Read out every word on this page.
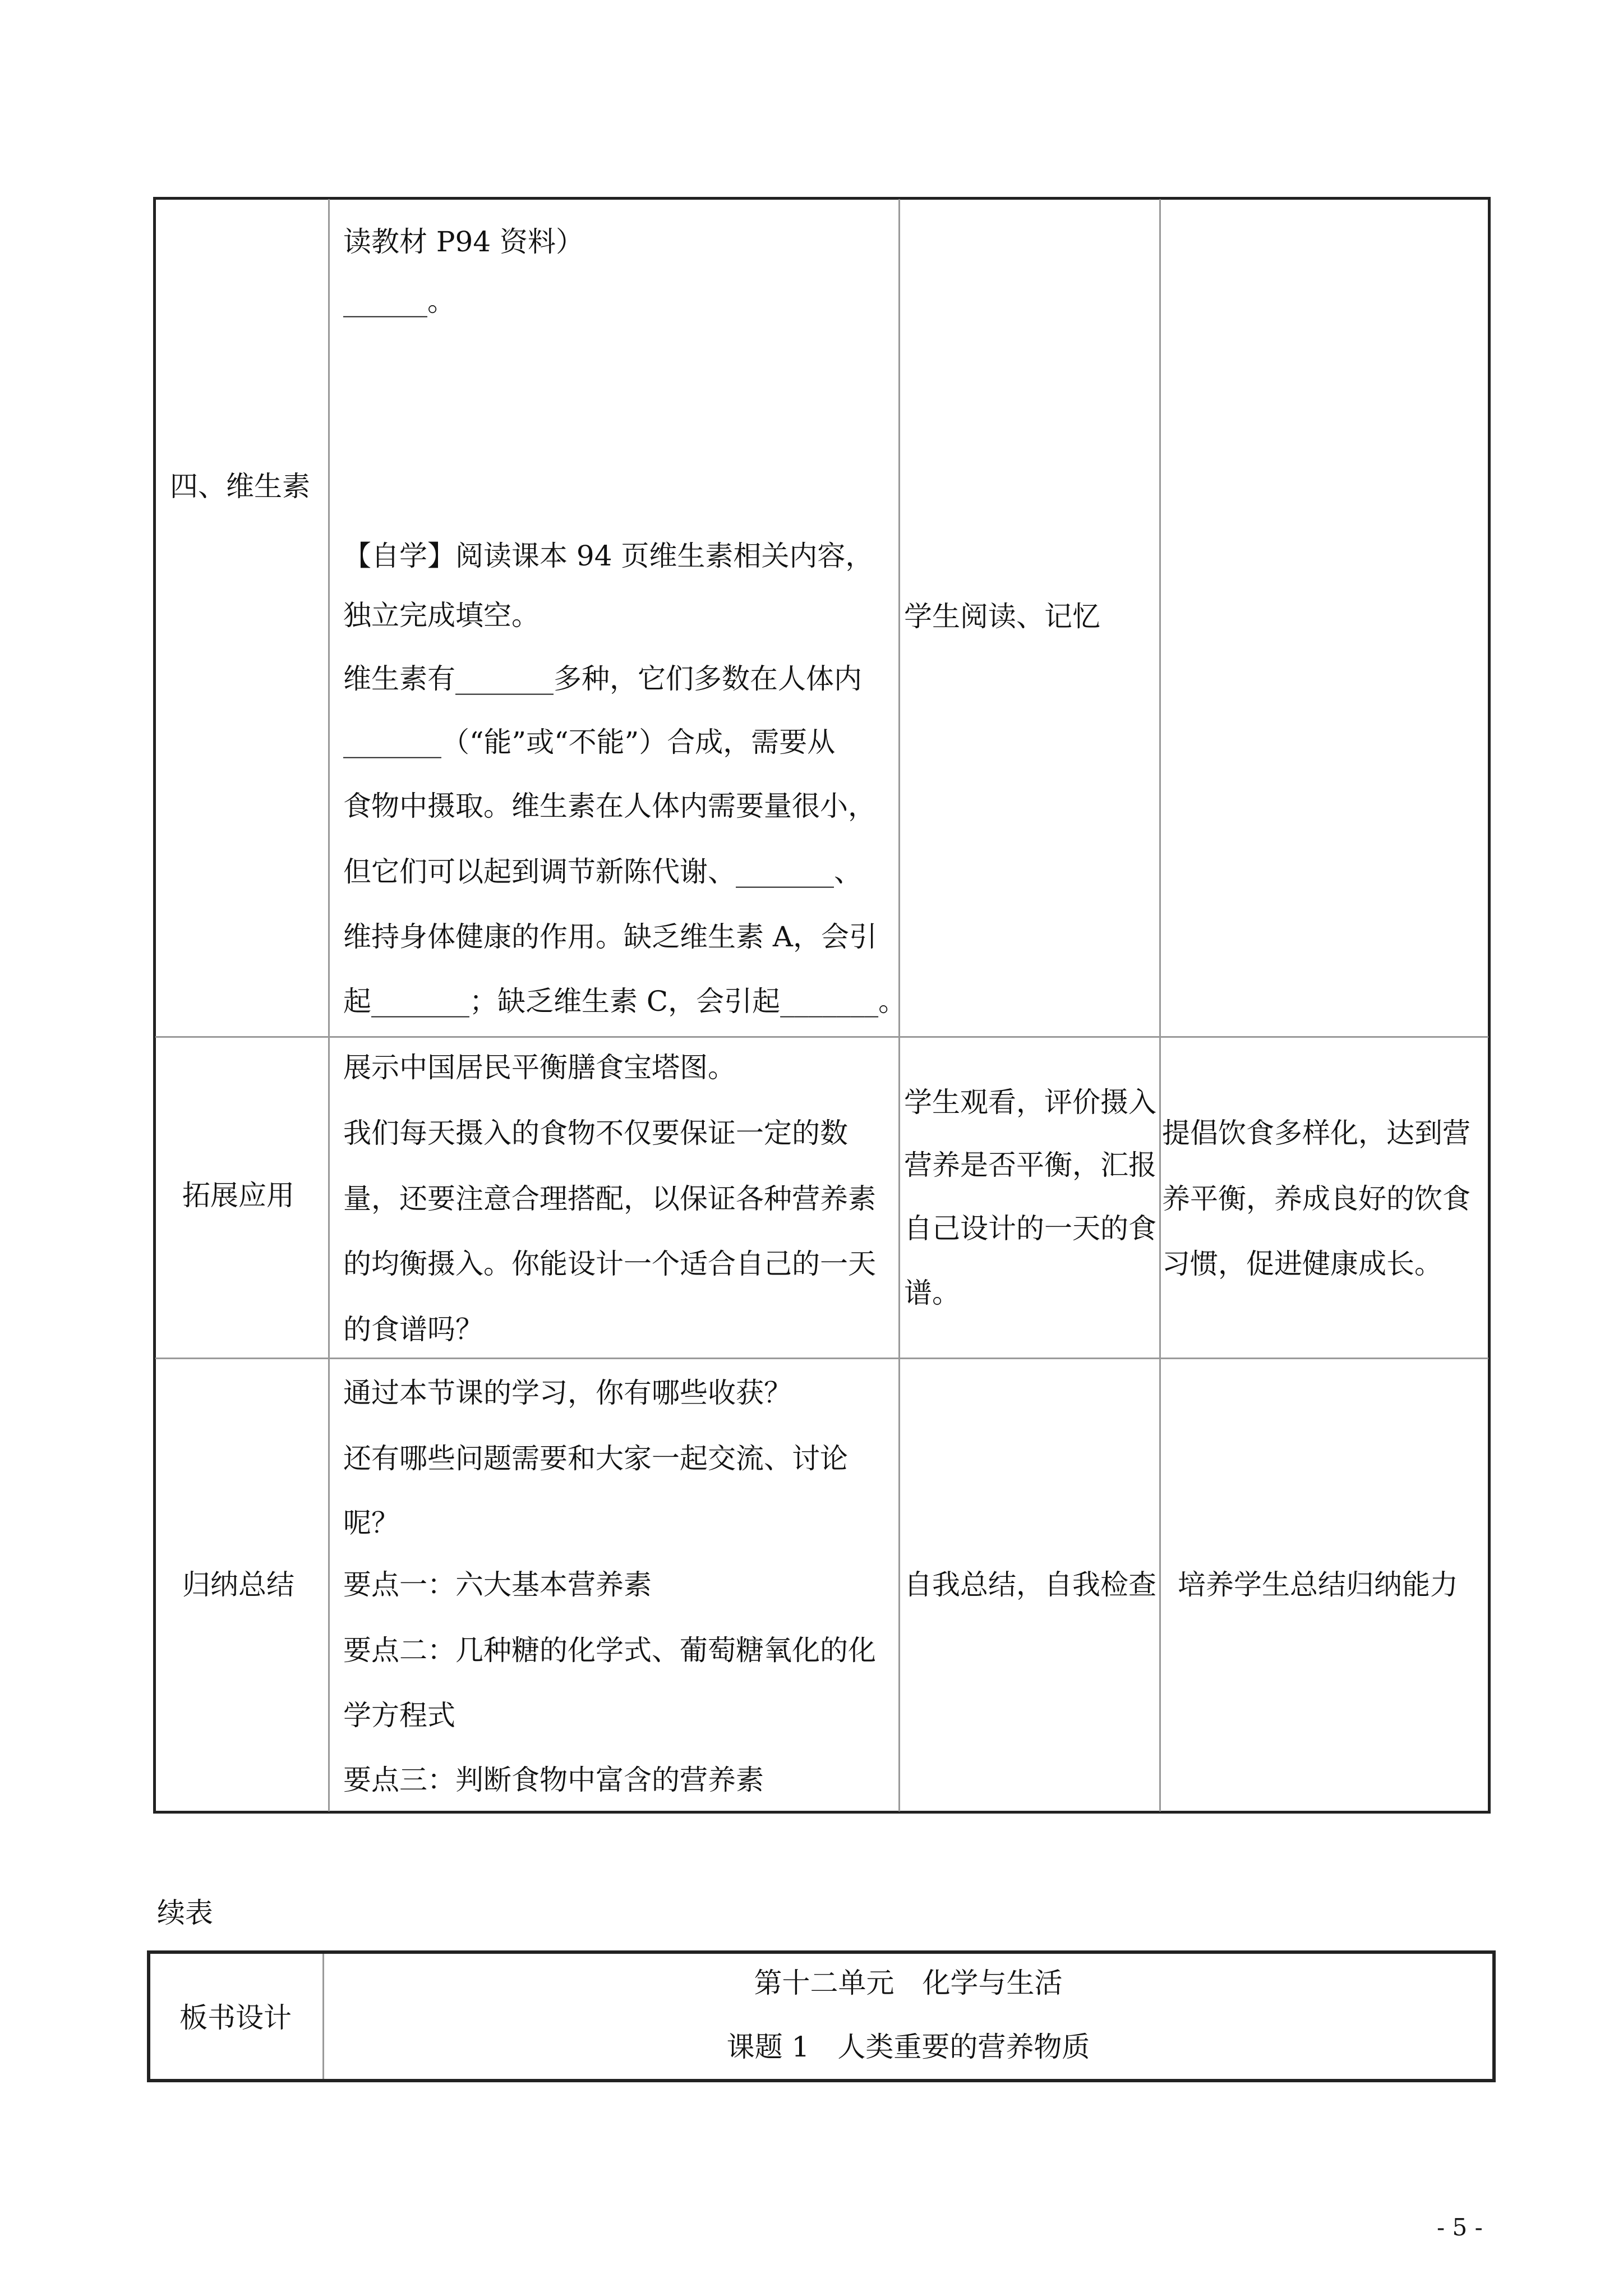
四、维生素
读教材 P94 资料）
______。
【自学】阅读课本 94 页维生素相关内容，
独立完成填空。
维生素有_______多种，它们多数在人体内
_______（“能”或“不能”）合成，需要从
食物中摄取。维生素在人体内需要量很小，
但它们可以起到调节新陈代谢、_______、
维持身体健康的作用。缺乏维生素 A，会引
起_______；缺乏维生素 C，会引起_______。
学生阅读、记忆
拓展应用
展示中国居民平衡膳食宝塔图。
我们每天摄入的食物不仅要保证一定的数
量，还要注意合理搭配，以保证各种营养素
的均衡摄入。你能设计一个适合自己的一天
的食谱吗？
学生观看，评价摄入
营养是否平衡，汇报
自己设计的一天的食
谱。
提倡饮食多样化，达到营
养平衡，养成良好的饮食
习惯，促进健康成长。
归纳总结
通过本节课的学习，你有哪些收获？
还有哪些问题需要和大家一起交流、讨论
呢？
要点一：六大基本营养素
要点二：几种糖的化学式、葡萄糖氧化的化
学方程式
要点三：判断食物中富含的营养素
自我总结，自我检查 培养学生总结归纳能力
续表
板书设计
第十二单元　化学与生活
课题 1　人类重要的营养物质
- 5 -
